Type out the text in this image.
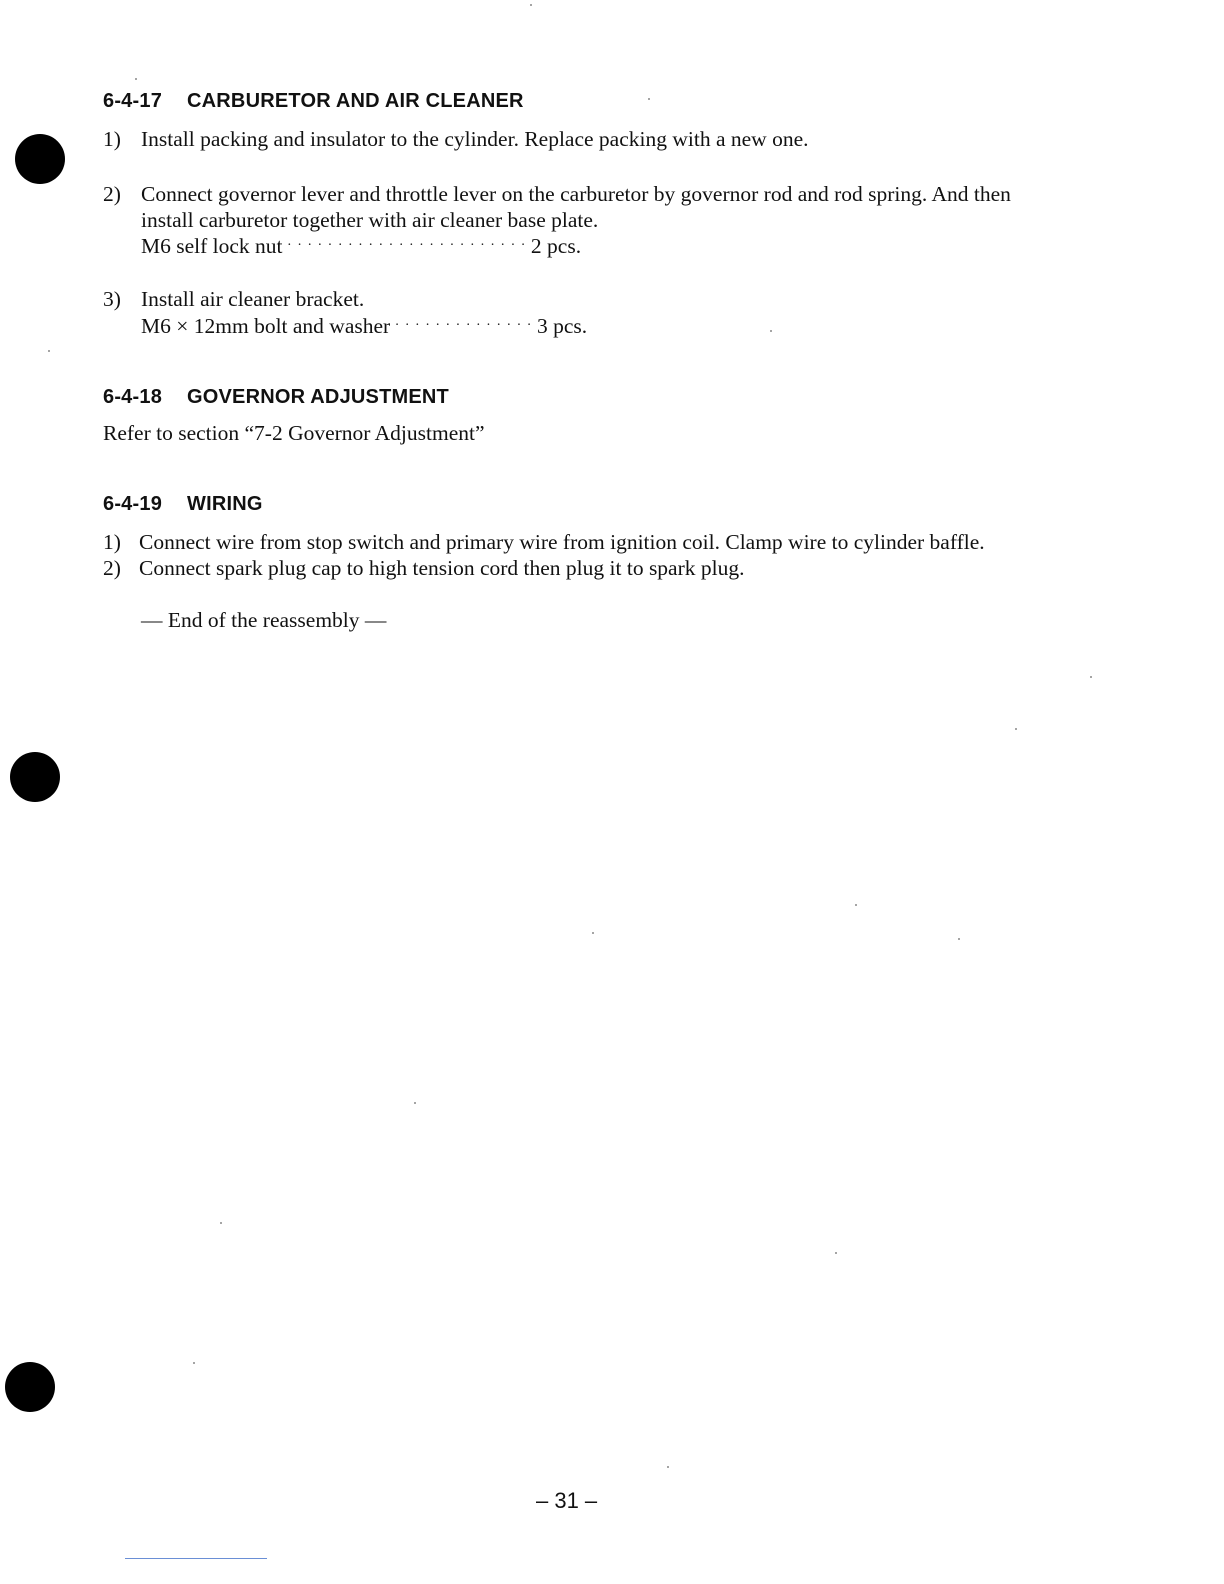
6-4-17 CARBURETOR AND AIR CLEANER
1) Install packing and insulator to the cylinder. Replace packing with a new one.
2) Connect governor lever and throttle lever on the carburetor by governor rod and rod spring. And then
install carburetor together with air cleaner base plate.
M6 self lock nut · · · · · · · · · · · · · · · · · · · · · · · · 2 pcs.
3) Install air cleaner bracket.
M6 × 12mm bolt and washer · · · · · · · · · · · · · · 3 pcs.
6-4-18 GOVERNOR ADJUSTMENT
Refer to section “7-2 Governor Adjustment”
6-4-19 WIRING
1) Connect wire from stop switch and primary wire from ignition coil. Clamp wire to cylinder baffle.
2) Connect spark plug cap to high tension cord then plug it to spark plug.
— End of the reassembly —
– 31 –
